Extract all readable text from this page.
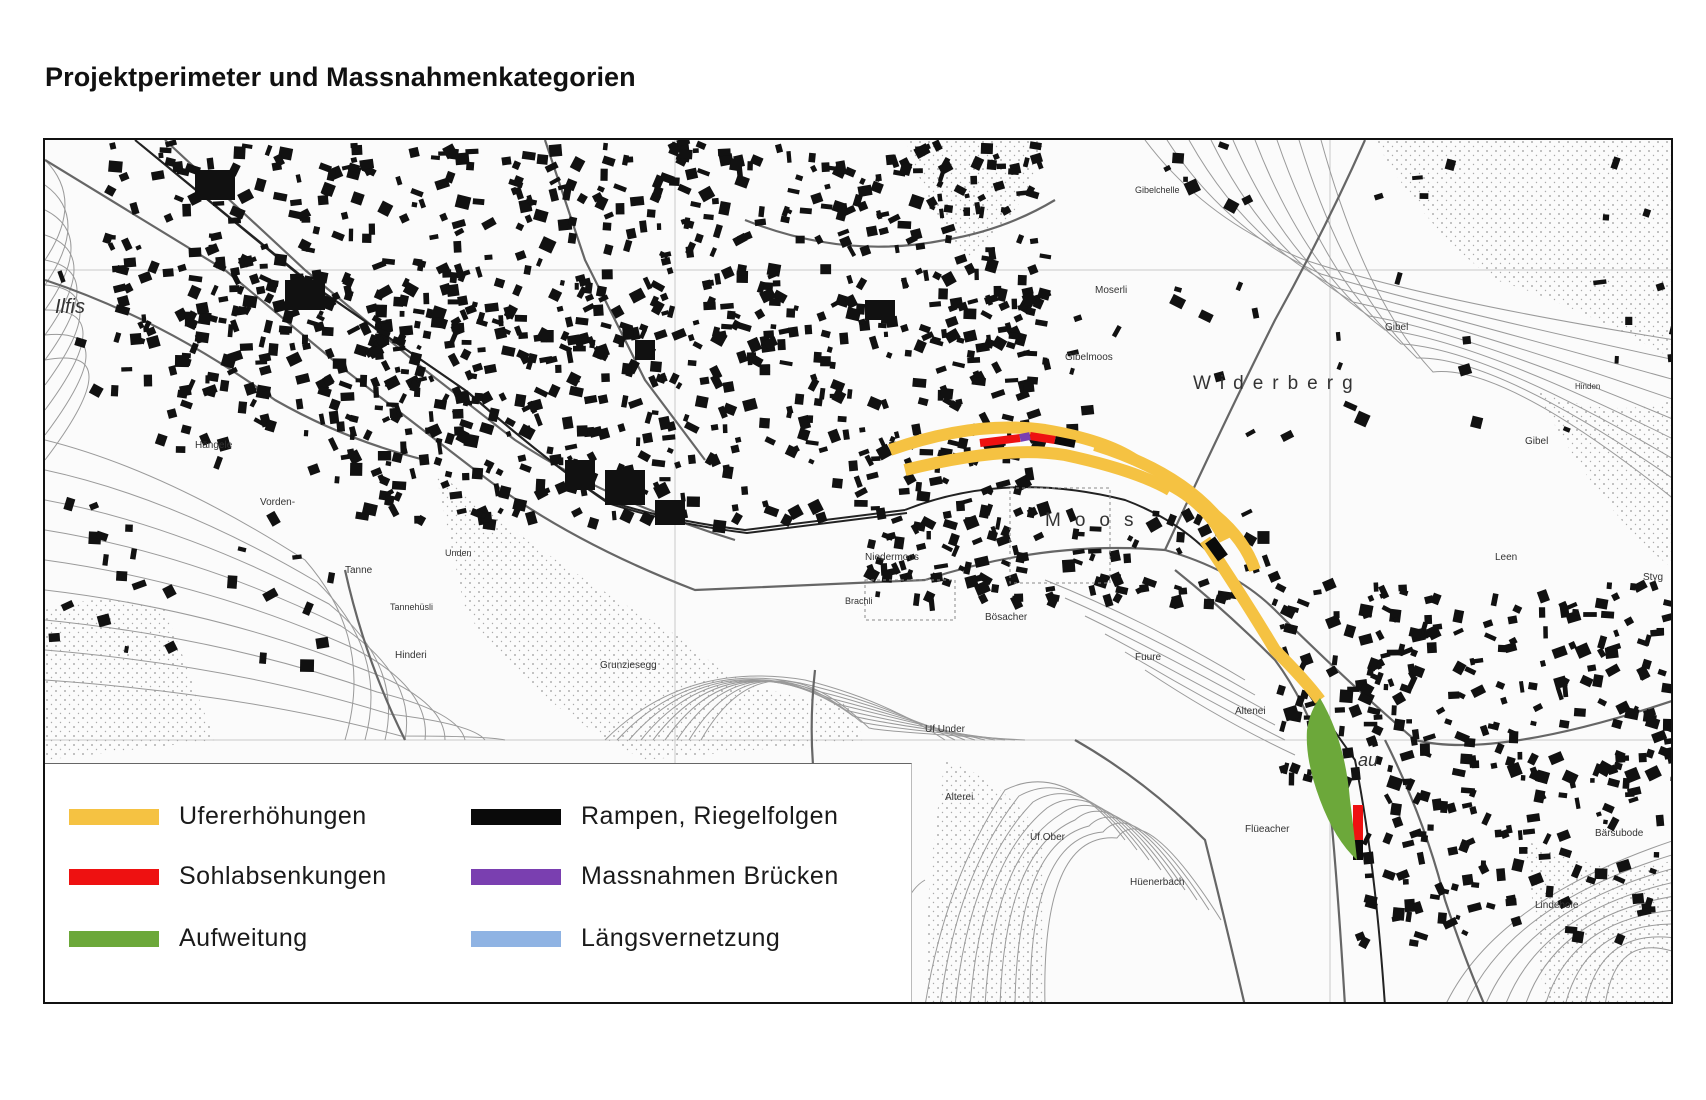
Projektperimeter und Massnahmenkategorien
Ilfis
Widerberg
Moos
Moserli
Gibel
Gibel
Gibelmoos
Gibelchelle
Hängele
Vorden-
Tanne
Tannehüsli
Hinderi
Unden
Grunziesegg
Brachli
Niedermoos
Bösacher
Fuure
Altenei
Leen
Styg
Hinden
Uf Under
Alterei
Uf Ober
Flüeacher
Hüenerbach
Bärsubode
Lindehole
au
Ufererhöhungen
Sohlabsenkungen
Aufweitung
Rampen, Riegelfolgen
Massnahmen Brücken
Längsvernetzung
